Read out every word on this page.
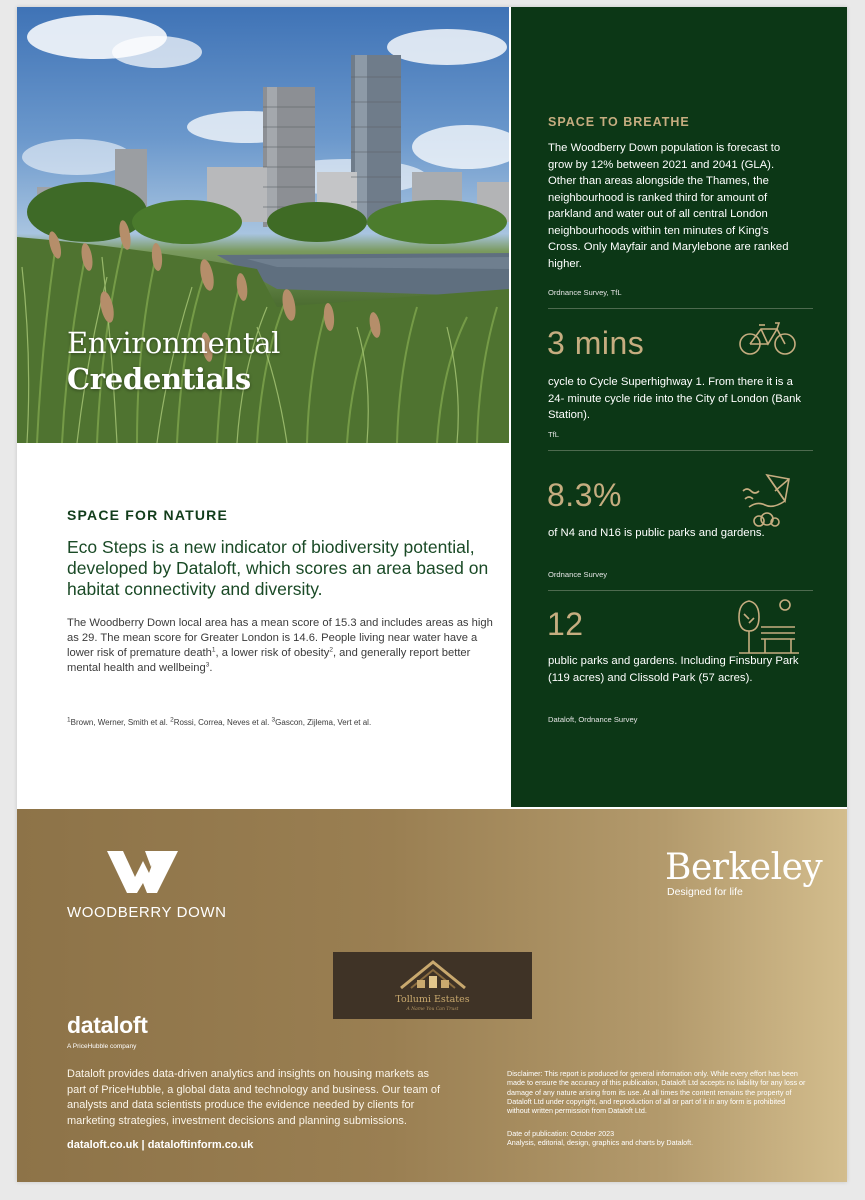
Environmental
Credentials
SPACE FOR NATURE

Eco Steps is a new indicator of biodiversity potential, developed by Dataloft, which scores an area based on habitat connectivity and diversity.

The Woodberry Down local area has a mean score of 15.3 and includes areas as high as 29. The mean score for Greater London is 14.6. People living near water have a lower risk of premature death$^1$, a lower risk of obesity$^2$, and generally report better mental health and wellbeing$^3$.

$^1$Brown, Werner, Smith et al. $^2$Rossi, Correa, Neves et al. $^3$Gascon, Zijlema, Vert et al.

SPACE TO BREATHE
The Woodberry Down population is forecast to grow by 12% between 2021 and 2041 (GLA). Other than areas alongside the Thames, the neighbourhood is ranked third for amount of parkland and water out of all central London neighbourhoods within ten minutes of King's Cross. Only Mayfair and Marylebone are ranked higher.
Ordnance Survey, TfL
3 mins
cycle to Cycle Superhighway 1. From there it is a 24- minute cycle ride into the City of London (Bank Station).
TfL
8.3%
of N4 and N16 is public parks and gardens.
Ordnance Survey
12
public parks and gardens. Including Finsbury Park (119 acres) and Clissold Park (57 acres).
Dataloft, Ordnance Survey
WOODBERRY DOWN
Berkeley
Designed for life
Tollumi Estates
A Name You Can Trust
dataloft
A PriceHubble company
Dataloft provides data-driven analytics and insights on housing markets as part of PriceHubble, a global data and technology and business. Our team of analysts and data scientists produce the evidence needed by clients for marketing strategies, investment decisions and planning submissions.
dataloft.co.uk | dataloftinform.co.uk
Disclaimer: This report is produced for general information only. While every effort has been made to ensure the accuracy of this publication, Dataloft Ltd accepts no liability for any loss or damage of any nature arising from its use. At all times the content remains the property of Dataloft Ltd under copyright, and reproduction of all or part of it in any form is prohibited without written permission from Dataloft Ltd.
Date of publication: October 2023
Analysis, editorial, design, graphics and charts by Dataloft.
